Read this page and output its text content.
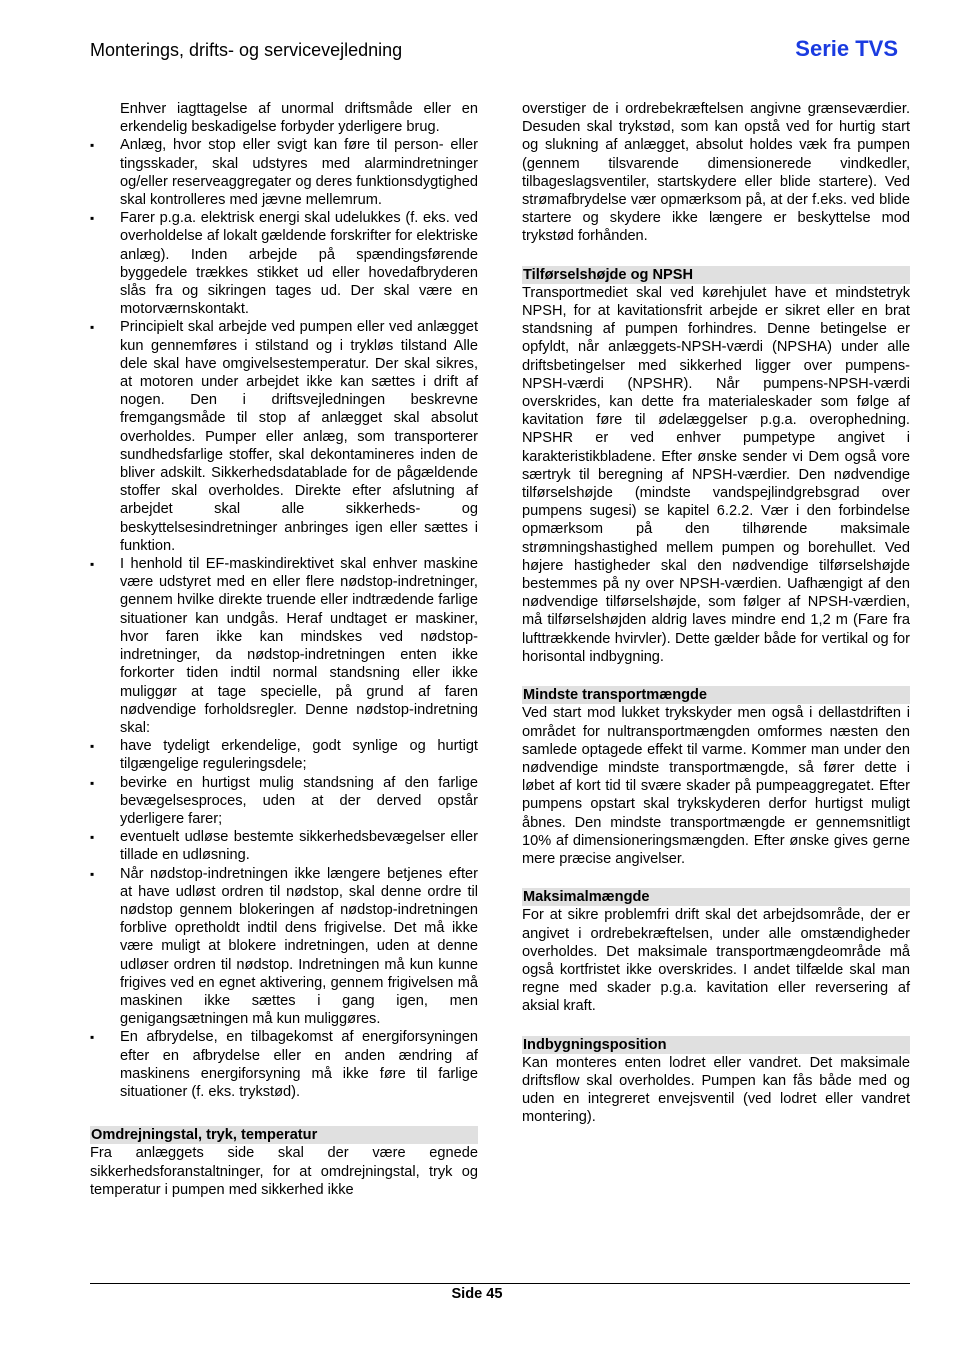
Monterings, drifts- og servicevejledning	Serie TVS

Enhver iagttagelse af unormal driftsmåde eller en erkendelig beskadigelse forbyder yderligere brug.

▪ Anlæg, hvor stop eller svigt kan føre til person- eller tingsskader, skal udstyres med alarmindretninger og/eller reserveaggregater og deres funktionsdygtighed skal kontrolleres med jævne mellemrum.
▪ Farer p.g.a. elektrisk energi skal udelukkes (f. eks. ved overholdelse af lokalt gældende forskrifter for elektriske anlæg). Inden arbejde på spændingsførende byggedele trækkes stikket ud eller hovedafbryderen slås fra og sikringen tages ud. Der skal være en motorværnskontakt.
▪ Principielt skal arbejde ved pumpen eller ved anlægget kun gennemføres i stilstand og i trykløs tilstand Alle dele skal have omgivelsestemperatur. Der skal sikres, at motoren under arbejdet ikke kan sættes i drift af nogen. Den i driftsvejledningen beskrevne fremgangsmåde til stop af anlægget skal absolut overholdes. Pumper eller anlæg, som transporterer sundhedsfarlige stoffer, skal dekontamineres inden de bliver adskilt. Sikkerhedsdatablade for de pågældende stoffer skal overholdes. Direkte efter afslutning af arbejdet skal alle sikkerheds- og beskyttelsesindretninger anbringes igen eller sættes i funktion.
▪ I henhold til EF-maskindirektivet skal enhver maskine være udstyret med en eller flere nødstop-indretninger, gennem hvilke direkte truende eller indtrædende farlige situationer kan undgås. Heraf undtaget er maskiner, hvor faren ikke kan mindskes ved nødstop-indretninger, da nødstop-indretningen enten ikke forkorter tiden indtil normal standsning eller ikke muliggør at tage specielle, på grund af faren nødvendige forholdsregler. Denne nødstop-indretning skal:
▪ have tydeligt erkendelige, godt synlige og hurtigt tilgængelige reguleringsdele;
▪ bevirke en hurtigst mulig standsning af den farlige bevægelsesproces, uden at der derved opstår yderligere farer;
▪ eventuelt udløse bestemte sikkerhedsbevægelser eller tillade en udløsning.
▪ Når nødstop-indretningen ikke længere betjenes efter at have udløst ordren til nødstop, skal denne ordre til nødstop gennem blokeringen af nødstop-indretningen forblive opretholdt indtil dens frigivelse. Det må ikke være muligt at blokere indretningen, uden at denne udløser ordren til nødstop. Indretningen må kun kunne frigives ved en egnet aktivering, gennem frigivelsen må maskinen ikke sættes i gang igen, men genigangsætningen må kun muliggøres.
▪ En afbrydelse, en tilbagekomst af energiforsyningen efter en afbrydelse eller en anden ændring af maskinens energiforsyning må ikke føre til farlige situationer (f. eks. trykstød).

Omdrejningstal, tryk, temperatur

Fra anlæggets side skal der være egnede sikkerhedsforanstaltninger, for at omdrejningstal, tryk og temperatur i pumpen med sikkerhed ikke

overstiger de i ordrebekræftelsen angivne grænseværdier. Desuden skal trykstød, som kan opstå ved for hurtig start og slukning af anlægget, absolut holdes væk fra pumpen (gennem tilsvarende dimensionerede vindkedler, tilbageslagsventiler, startskydere eller blide startere). Ved strømafbrydelse vær opmærksom på, at der f.eks. ved blide startere og skydere ikke længere er beskyttelse mod trykstød forhånden.

Tilførselshøjde og NPSH

Transportmediet skal ved kørehjulet have et mindstetryk NPSH, for at kavitationsfrit arbejde er sikret eller en brat standsning af pumpen forhindres. Denne betingelse er opfyldt, når anlæggets-NPSH-værdi (NPSHA) under alle driftsbetingelser med sikkerhed ligger over pumpens-NPSH-værdi (NPSHR). Når pumpens-NPSH-værdi overskrides, kan dette fra materialeskader som følge af kavitation føre til ødelæggelser p.g.a. overophedning. NPSHR er ved enhver pumpetype angivet i karakteristikbladene. Efter ønske sender vi Dem også vore særtryk til beregning af NPSH-værdier. Den nødvendige tilførselshøjde (mindste vandspejlindgrebsgrad over pumpens sugesi) se kapitel 6.2.2. Vær i den forbindelse opmærksom på den tilhørende maksimale strømningshastighed mellem pumpen og borehullet. Ved højere hastigheder skal den nødvendige tilførselshøjde bestemmes på ny over NPSH-værdien. Uafhængigt af den nødvendige tilførselshøjde, som følger af NPSH-værdien, må tilførselshøjden aldrig laves mindre end 1,2 m (Fare fra lufttrækkende hvirvler). Dette gælder både for vertikal og for horisontal indbygning.

Mindste transportmængde

Ved start mod lukket trykskyder men også i dellastdriften i området for nultransportmængden omformes næsten den samlede optagede effekt til varme. Kommer man under den nødvendige mindste transportmængde, så fører dette i løbet af kort tid til svære skader på pumpeaggregatet. Efter pumpens opstart skal trykskyderen derfor hurtigst muligt åbnes. Den mindste transportmængde er gennemsnitligt 10% af dimensioneringsmængden. Efter ønske gives gerne mere præcise angivelser.

Maksimalmængde

For at sikre problemfri drift skal det arbejdsområde, der er angivet i ordrebekræftelsen, under alle omstændigheder overholdes. Det maksimale transportmængdeområde må også kortfristet ikke overskrides. I andet tilfælde skal man regne med skader p.g.a. kavitation eller reversering af aksial kraft.

Indbygningsposition

Kan monteres enten lodret eller vandret. Det maksimale driftsflow skal overholdes. Pumpen kan fås både med og uden en integreret envejsventil (ved lodret eller vandret montering).

Side 45
